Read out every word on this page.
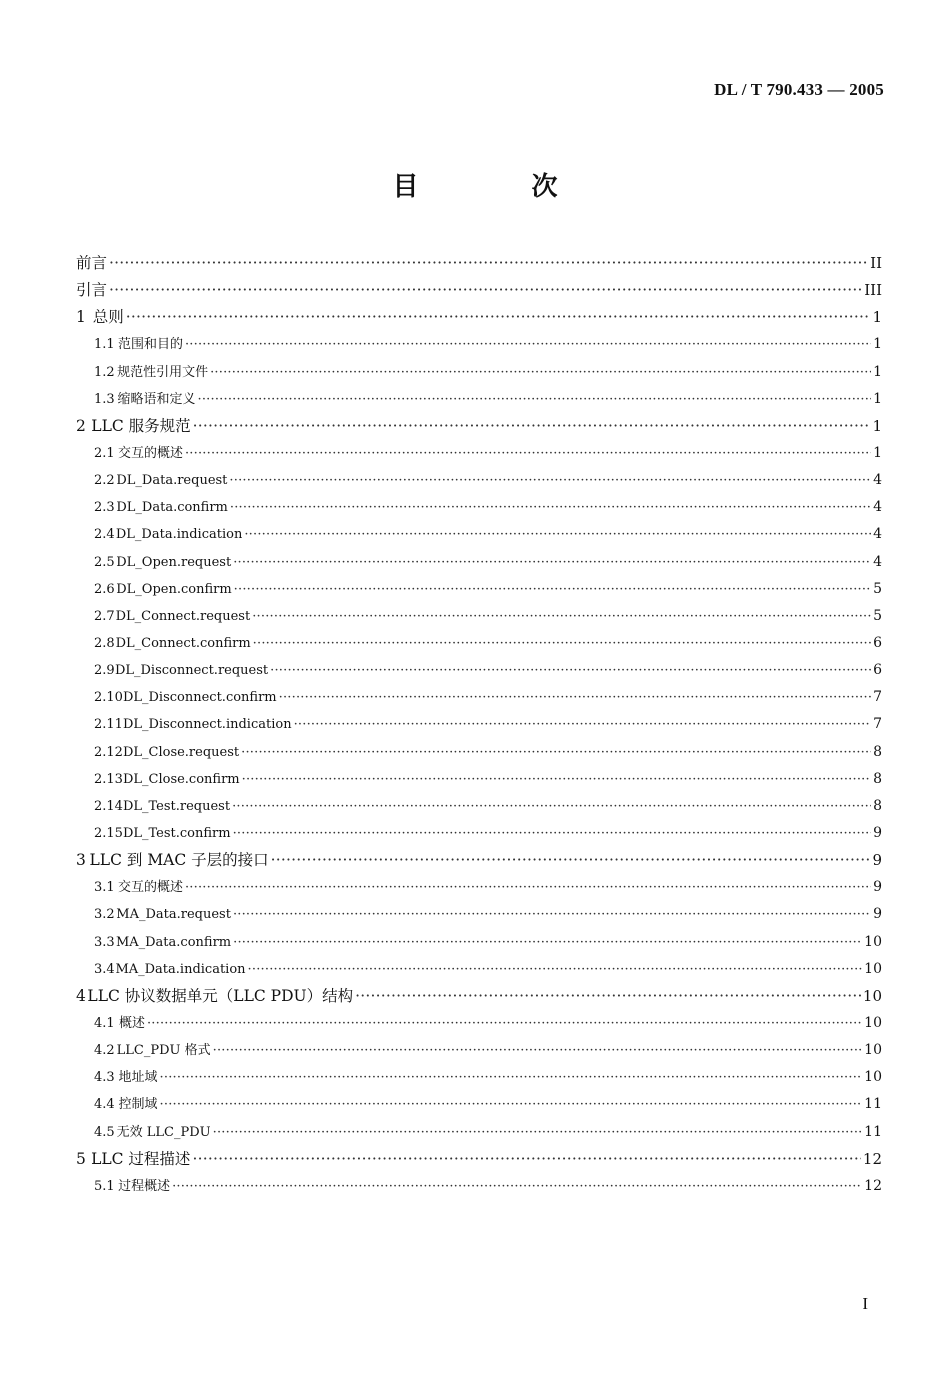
DL / T 790.433 — 2005
目 次
前言 ·····	II
引言 ·····	III
1 总则 ·····	1
1.1 范围和目的 ·····	1
1.2 规范性引用文件 ·····	1
1.3 缩略语和定义 ·····	1
2 LLC 服务规范 ·····	1
2.1 交互的概述 ·····	1
2.2 DL_Data.request ·····	4
2.3 DL_Data.confirm ·····	4
2.4 DL_Data.indication ·····	4
2.5 DL_Open.request ·····	4
2.6 DL_Open.confirm ·····	5
2.7 DL_Connect.request ·····	5
2.8 DL_Connect.confirm ·····	6
2.9 DL_Disconnect.request ·····	6
2.10 DL_Disconnect.confirm ·····	7
2.11 DL_Disconnect.indication ·····	7
2.12 DL_Close.request ·····	8
2.13 DL_Close.confirm ·····	8
2.14 DL_Test.request ·····	8
2.15 DL_Test.confirm ·····	9
3 LLC 到 MAC 子层的接口 ·····	9
3.1 交互的概述 ·····	9
3.2 MA_Data.request ·····	9
3.3 MA_Data.confirm ·····	10
3.4 MA_Data.indication ·····	10
4 LLC 协议数据单元（LLC PDU）结构 ·····	10
4.1 概述 ·····	10
4.2 LLC_PDU 格式 ·····	10
4.3 地址域 ·····	10
4.4 控制域 ·····	11
4.5 无效 LLC_PDU ·····	11
5 LLC 过程描述 ·····	12
5.1 过程概述 ·····	12
I
